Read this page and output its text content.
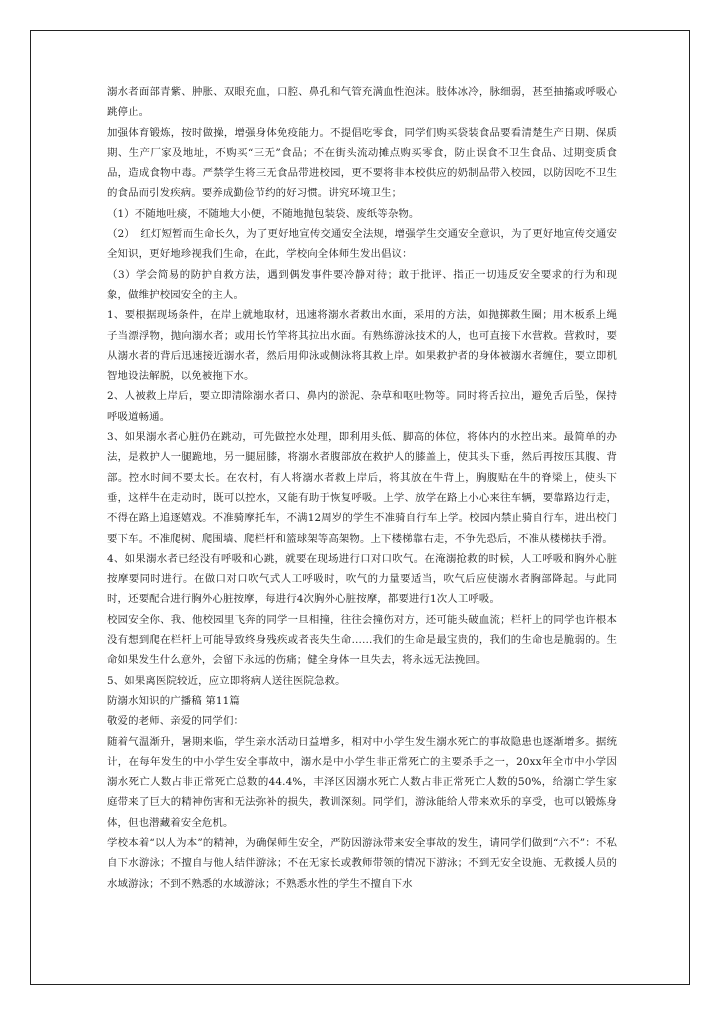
溺水者面部青紫、肿胀、双眼充血，口腔、鼻孔和气管充满血性泡沫。肢体冰冷，脉细弱，甚至抽搐或呼吸心跳停止。

加强体育锻炼，按时做操，增强身体免疫能力。不提倡吃零食，同学们购买袋装食品要看清楚生产日期、保质期、生产厂家及地址，不购买“三无”食品；不在街头流动摊点购买零食，防止误食不卫生食品、过期变质食品，造成食物中毒。严禁学生将三无食品带进校园，更不要将非本校供应的奶制品带入校园，以防因吃不卫生的食品而引发疾病。要养成勤俭节约的好习惯。讲究环境卫生；

（1）不随地吐痰，不随地大小便，不随地抛包装袋、废纸等杂物。

（2）　红灯短暂而生命长久，为了更好地宣传交通安全法规，增强学生交通安全意识，为了更好地宣传交通安全知识，更好地珍视我们生命，在此，学校向全体师生发出倡议：

（3）学会简易的防护自救方法，遇到偶发事件要冷静对待；敢于批评、指正一切违反安全要求的行为和现象，做维护校园安全的主人。

1、要根据现场条件，在岸上就地取材，迅速将溺水者救出水面，采用的方法，如抛掷救生圈；用木板系上绳子当漂浮物，抛向溺水者；或用长竹竿将其拉出水面。有熟练游泳技术的人，也可直接下水营救。营救时，要从溺水者的背后迅速接近溺水者，然后用仰泳或侧泳将其救上岸。如果救护者的身体被溺水者缠住，要立即机智地设法解脱，以免被拖下水。

2、人被救上岸后，要立即清除溺水者口、鼻内的淤泥、杂草和呕吐物等。同时将舌拉出，避免舌后坠，保持呼吸道畅通。

3、如果溺水者心脏仍在跳动，可先做控水处理，即利用头低、脚高的体位，将体内的水控出来。最简单的办法，是救护人一腿跪地，另一腿屈膝，将溺水者腹部放在救护人的膝盖上，使其头下垂，然后再按压其腹、背部。控水时间不要太长。在农村，有人将溺水者救上岸后，将其放在牛背上，胸腹贴在牛的脊梁上，使头下垂，这样牛在走动时，既可以控水，又能有助于恢复呼吸。上学、放学在路上小心来往车辆，要靠路边行走，不得在路上追逐嬉戏。不准骑摩托车，不满12周岁的学生不准骑自行车上学。校园内禁止骑自行车，进出校门要下车。不准爬树、爬围墙、爬栏杆和篮球架等高架物。上下楼梯靠右走，不争先恐后，不准从楼梯扶手滑。

4、如果溺水者已经没有呼吸和心跳，就要在现场进行口对口吹气。在淹溺抢救的时候，人工呼吸和胸外心脏按摩要同时进行。在做口对口吹气式人工呼吸时，吹气的力量要适当，吹气后应使溺水者胸部降起。与此同时，还要配合进行胸外心脏按摩，每进行4次胸外心脏按摩，都要进行1次人工呼吸。

校园安全你、我、他校园里飞奔的同学一旦相撞，往往会撞伤对方，还可能头破血流；栏杆上的同学也许根本没有想到爬在栏杆上可能导致终身残疾或者丧失生命……我们的生命是最宝贵的，我们的生命也是脆弱的。生命如果发生什么意外，会留下永远的伤痛；健全身体一旦失去，将永远无法挽回。

5、如果离医院较近，应立即将病人送往医院急救。

防溺水知识的广播稿 第11篇

敬爱的老师、亲爱的同学们：

随着气温渐升，暑期来临，学生亲水活动日益增多，相对中小学生发生溺水死亡的事故隐患也逐渐增多。据统计，在每年发生的中小学生安全事故中，溺水是中小学生非正常死亡的主要杀手之一，20xx年全市中小学因溺水死亡人数占非正常死亡总数的44.4%，丰泽区因溺水死亡人数占非正常死亡人数的50%，给溺亡学生家庭带来了巨大的精神伤害和无法弥补的损失，教训深刻。同学们，游泳能给人带来欢乐的享受，也可以锻炼身体，但也潜藏着安全危机。

学校本着“以人为本”的精神，为确保师生安全，严防因游泳带来安全事故的发生，请同学们做到“六不”：不私自下水游泳；不擅自与他人结伴游泳；不在无家长或教师带领的情况下游泳；不到无安全设施、无救援人员的水域游泳；不到不熟悉的水域游泳；不熟悉水性的学生不擅自下水
